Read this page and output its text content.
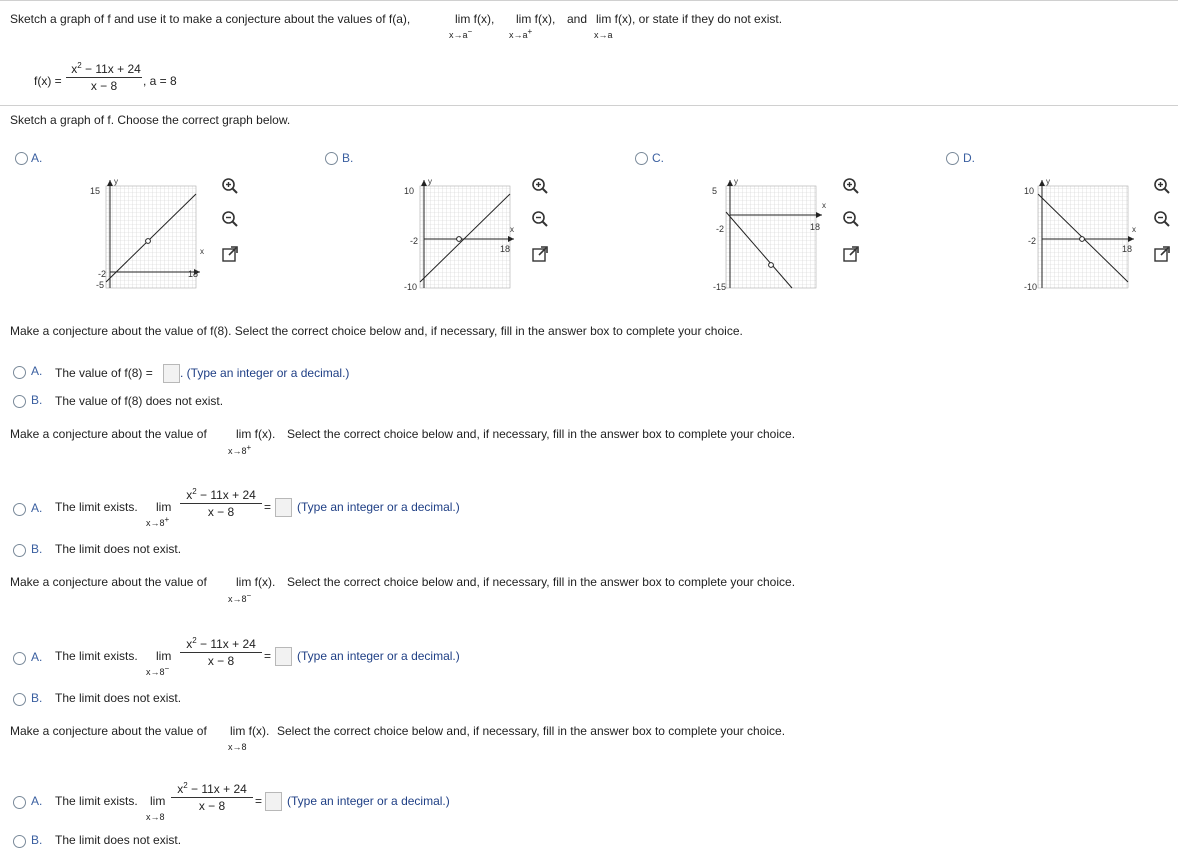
Sketch a graph of f and use it to make a conjecture about the values of f(a),	lim f(x),
x→a−
lim f(x),
x→a+
and lim f(x), or state if they do not exist.
x→a
f(x) =
$x^2 - 11x + 24$
x − 8	, a = 8
Sketch a graph of f. Choose the correct graph below.
A.	B.	C.	D.
15
-5
-2	18
x
y
10
-10
-2
18
x
y
5
-15
-2	18
x
y
10
-10
-2
18
x
y
Make a conjecture about the value of f(8). Select the correct choice below and, if necessary, fill in the answer box to complete your choice.
A. The value of f(8) = . (Type an integer or a decimal.)
B. The value of f(8) does not exist.
Make a conjecture about the value of lim f(x).
x→8+
Select the correct choice below and, if necessary, fill in the answer box to complete your choice.
A. The limit exists. lim
x→8+
$x^2 - 11x + 24$
x − 8	= (Type an integer or a decimal.)
B. The limit does not exist.
Make a conjecture about the value of lim f(x).
x→8−
Select the correct choice below and, if necessary, fill in the answer box to complete your choice.
A. The limit exists. lim
x→8−
$x^2 - 11x + 24$
x − 8	= (Type an integer or a decimal.)
B. The limit does not exist.
Make a conjecture about the value of lim f(x).
x→8
Select the correct choice below and, if necessary, fill in the answer box to complete your choice.
A. The limit exists. lim
x→8
$x^2 - 11x + 24$
x − 8	= (Type an integer or a decimal.)
B. The limit does not exist.
